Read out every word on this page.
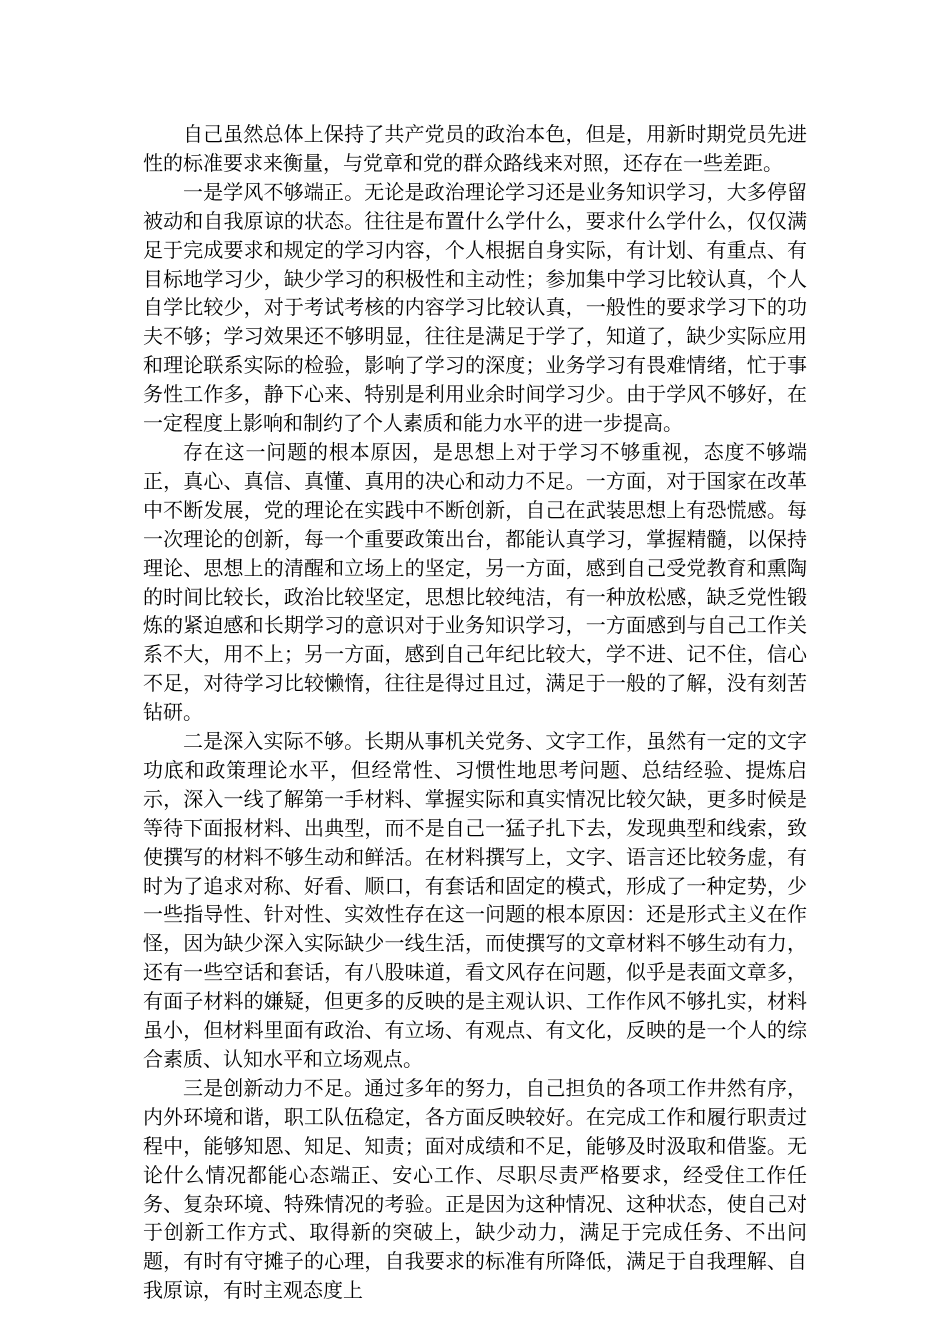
自己虽然总体上保持了共产党员的政治本色，但是，用新时期党员先进性的标准要求来衡量，与党章和党的群众路线来对照，还存在一些差距。

一是学风不够端正。无论是政治理论学习还是业务知识学习，大多停留被动和自我原谅的状态。往往是布置什么学什么，要求什么学什么，仅仅满足于完成要求和规定的学习内容，个人根据自身实际，有计划、有重点、有目标地学习少，缺少学习的积极性和主动性；参加集中学习比较认真，个人自学比较少，对于考试考核的内容学习比较认真，一般性的要求学习下的功夫不够；学习效果还不够明显，往往是满足于学了，知道了，缺少实际应用和理论联系实际的检验，影响了学习的深度；业务学习有畏难情绪，忙于事务性工作多，静下心来、特别是利用业余时间学习少。由于学风不够好，在一定程度上影响和制约了个人素质和能力水平的进一步提高。

存在这一问题的根本原因，是思想上对于学习不够重视，态度不够端正，真心、真信、真懂、真用的决心和动力不足。一方面，对于国家在改革中不断发展，党的理论在实践中不断创新，自己在武装思想上有恐慌感。每一次理论的创新，每一个重要政策出台，都能认真学习，掌握精髓，以保持理论、思想上的清醒和立场上的坚定，另一方面，感到自己受党教育和熏陶的时间比较长，政治比较坚定，思想比较纯洁，有一种放松感，缺乏党性锻炼的紧迫感和长期学习的意识对于业务知识学习，一方面感到与自己工作关系不大，用不上；另一方面，感到自己年纪比较大，学不进、记不住，信心不足，对待学习比较懒惰，往往是得过且过，满足于一般的了解，没有刻苦钻研。

二是深入实际不够。长期从事机关党务、文字工作，虽然有一定的文字功底和政策理论水平，但经常性、习惯性地思考问题、总结经验、提炼启示，深入一线了解第一手材料、掌握实际和真实情况比较欠缺，更多时候是等待下面报材料、出典型，而不是自己一猛子扎下去，发现典型和线索，致使撰写的材料不够生动和鲜活。在材料撰写上，文字、语言还比较务虚，有时为了追求对称、好看、顺口，有套话和固定的模式，形成了一种定势，少一些指导性、针对性、实效性存在这一问题的根本原因：还是形式主义在作怪，因为缺少深入实际缺少一线生活，而使撰写的文章材料不够生动有力，还有一些空话和套话，有八股味道，看文风存在问题，似乎是表面文章多，有面子材料的嫌疑，但更多的反映的是主观认识、工作作风不够扎实，材料虽小，但材料里面有政治、有立场、有观点、有文化，反映的是一个人的综合素质、认知水平和立场观点。

三是创新动力不足。通过多年的努力，自己担负的各项工作井然有序，内外环境和谐，职工队伍稳定，各方面反映较好。在完成工作和履行职责过程中，能够知恩、知足、知责；面对成绩和不足，能够及时汲取和借鉴。无论什么情况都能心态端正、安心工作、尽职尽责严格要求，经受住工作任务、复杂环境、特殊情况的考验。正是因为这种情况、这种状态，使自己对于创新工作方式、取得新的突破上，缺少动力，满足于完成任务、不出问题，有时有守摊子的心理，自我要求的标准有所降低，满足于自我理解、自我原谅，有时主观态度上
